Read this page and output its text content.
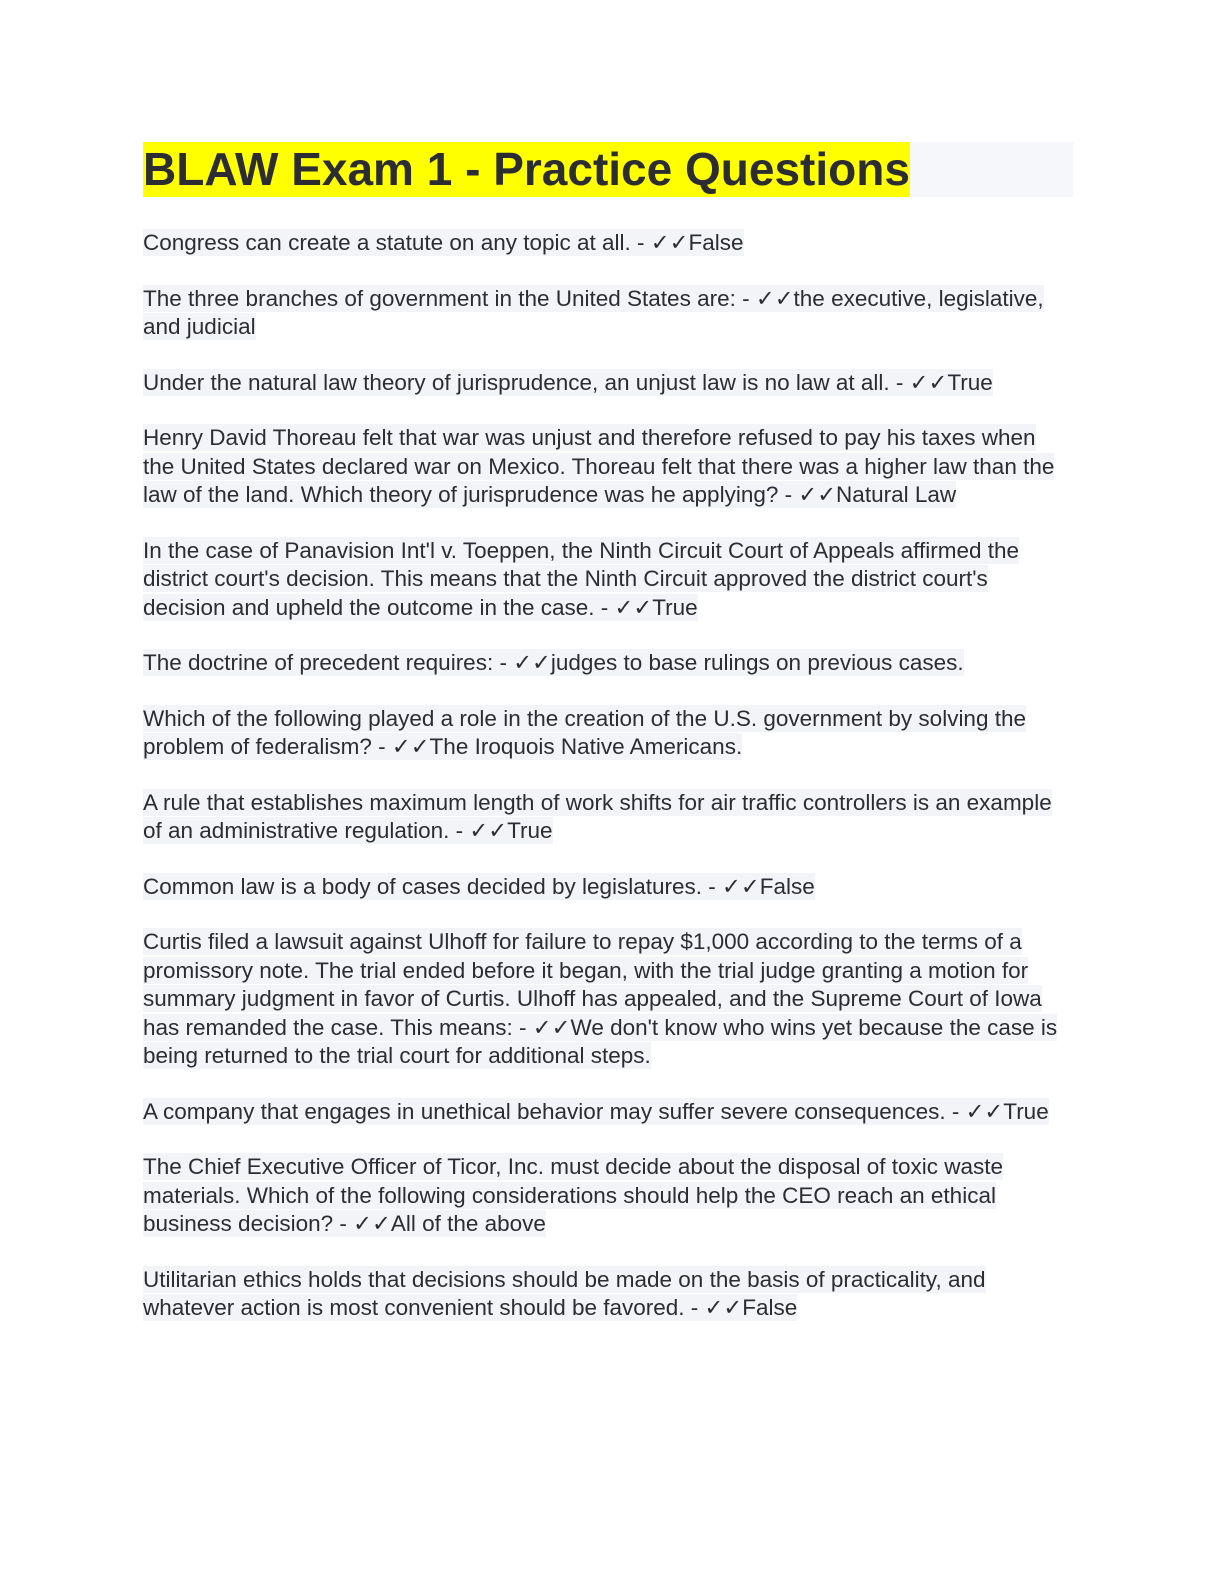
BLAW Exam 1 - Practice Questions

Congress can create a statute on any topic at all. - ✓✓False

The three branches of government in the United States are: - ✓✓the executive, legislative, and judicial

Under the natural law theory of jurisprudence, an unjust law is no law at all. - ✓✓True

Henry David Thoreau felt that war was unjust and therefore refused to pay his taxes when the United States declared war on Mexico. Thoreau felt that there was a higher law than the law of the land. Which theory of jurisprudence was he applying? - ✓✓Natural Law

In the case of Panavision Int'l v. Toeppen, the Ninth Circuit Court of Appeals affirmed the district court's decision. This means that the Ninth Circuit approved the district court's decision and upheld the outcome in the case. - ✓✓True

The doctrine of precedent requires: - ✓✓judges to base rulings on previous cases.

Which of the following played a role in the creation of the U.S. government by solving the problem of federalism? - ✓✓The Iroquois Native Americans.

A rule that establishes maximum length of work shifts for air traffic controllers is an example of an administrative regulation. - ✓✓True

Common law is a body of cases decided by legislatures. - ✓✓False

Curtis filed a lawsuit against Ulhoff for failure to repay $1,000 according to the terms of a promissory note. The trial ended before it began, with the trial judge granting a motion for summary judgment in favor of Curtis. Ulhoff has appealed, and the Supreme Court of Iowa has remanded the case. This means: - ✓✓We don't know who wins yet because the case is being returned to the trial court for additional steps.

A company that engages in unethical behavior may suffer severe consequences. - ✓✓True

The Chief Executive Officer of Ticor, Inc. must decide about the disposal of toxic waste materials. Which of the following considerations should help the CEO reach an ethical business decision? - ✓✓All of the above

Utilitarian ethics holds that decisions should be made on the basis of practicality, and whatever action is most convenient should be favored. - ✓✓False
